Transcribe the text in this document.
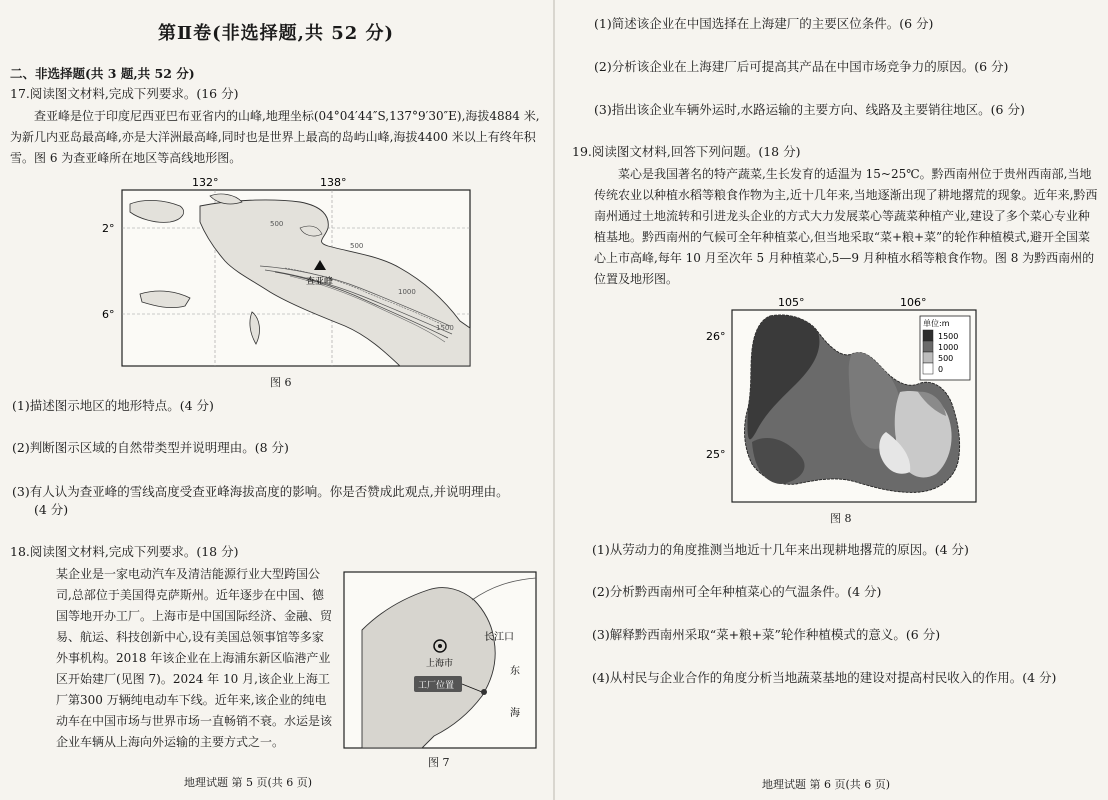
第Ⅱ卷(非选择题,共 52 分)
二、非选择题(共 3 题,共 52 分)
17.阅读图文材料,完成下列要求。(16 分)
查亚峰是位于印度尼西亚巴布亚省内的山峰,地理坐标(04°04′44″S,137°9′30″E),海拔4884 米,为新几内亚岛最高峰,亦是大洋洲最高峰,同时也是世界上最高的岛屿山峰,海拔4400 米以上有终年积雪。图 6 为查亚峰所在地区等高线地形图。
132°	138°
2°
6°
查亚峰
500
1000
1500
500
图 6
(1)描述图示地区的地形特点。(4 分)
(2)判断图示区域的自然带类型并说明理由。(8 分)
(3)有人认为查亚峰的雪线高度受查亚峰海拔高度的影响。你是否赞成此观点,并说明理由。
(4 分)
18.阅读图文材料,完成下列要求。(18 分)
某企业是一家电动汽车及清洁能源行业大型跨国公司,总部位于美国得克萨斯州。近年逐步在中国、德国等地开办工厂。上海市是中国国际经济、金融、贸易、航运、科技创新中心,设有美国总领事馆等多家外事机构。2018 年该企业在上海浦东新区临港产业区开始建厂(见图 7)。2024 年 10 月,该企业上海工厂第300 万辆纯电动车下线。近年来,该企业的纯电动车在中国市场与世界市场一直畅销不衰。水运是该企业车辆从上海向外运输的主要方式之一。
长江口
东
海
上海市
工厂位置
图 7
地理试题 第 5 页(共 6 页)
(1)简述该企业在中国选择在上海建厂的主要区位条件。(6 分)
(2)分析该企业在上海建厂后可提高其产品在中国市场竞争力的原因。(6 分)
(3)指出该企业车辆外运时,水路运输的主要方向、线路及主要销往地区。(6 分)
19.阅读图文材料,回答下列问题。(18 分)
菜心是我国著名的特产蔬菜,生长发育的适温为 15~25℃。黔西南州位于贵州西南部,当地传统农业以种植水稻等粮食作物为主,近十几年来,当地逐渐出现了耕地撂荒的现象。近年来,黔西南州通过土地流转和引进龙头企业的方式大力发展菜心等蔬菜种植产业,建设了多个菜心专业种植基地。黔西南州的气候可全年种植菜心,但当地采取“菜+粮+菜”的轮作种植模式,避开全国菜心上市高峰,每年 10 月至次年 5 月种植菜心,5—9 月种植水稻等粮食作物。图 8 为黔西南州的位置及地形图。
105°	106°
26°
25°
单位:m
1500
1000
500
0
图 8
(1)从劳动力的角度推测当地近十几年来出现耕地撂荒的原因。(4 分)
(2)分析黔西南州可全年种植菜心的气温条件。(4 分)
(3)解释黔西南州采取“菜+粮+菜”轮作种植模式的意义。(6 分)
(4)从村民与企业合作的角度分析当地蔬菜基地的建设对提高村民收入的作用。(4 分)
地理试题 第 6 页(共 6 页)
